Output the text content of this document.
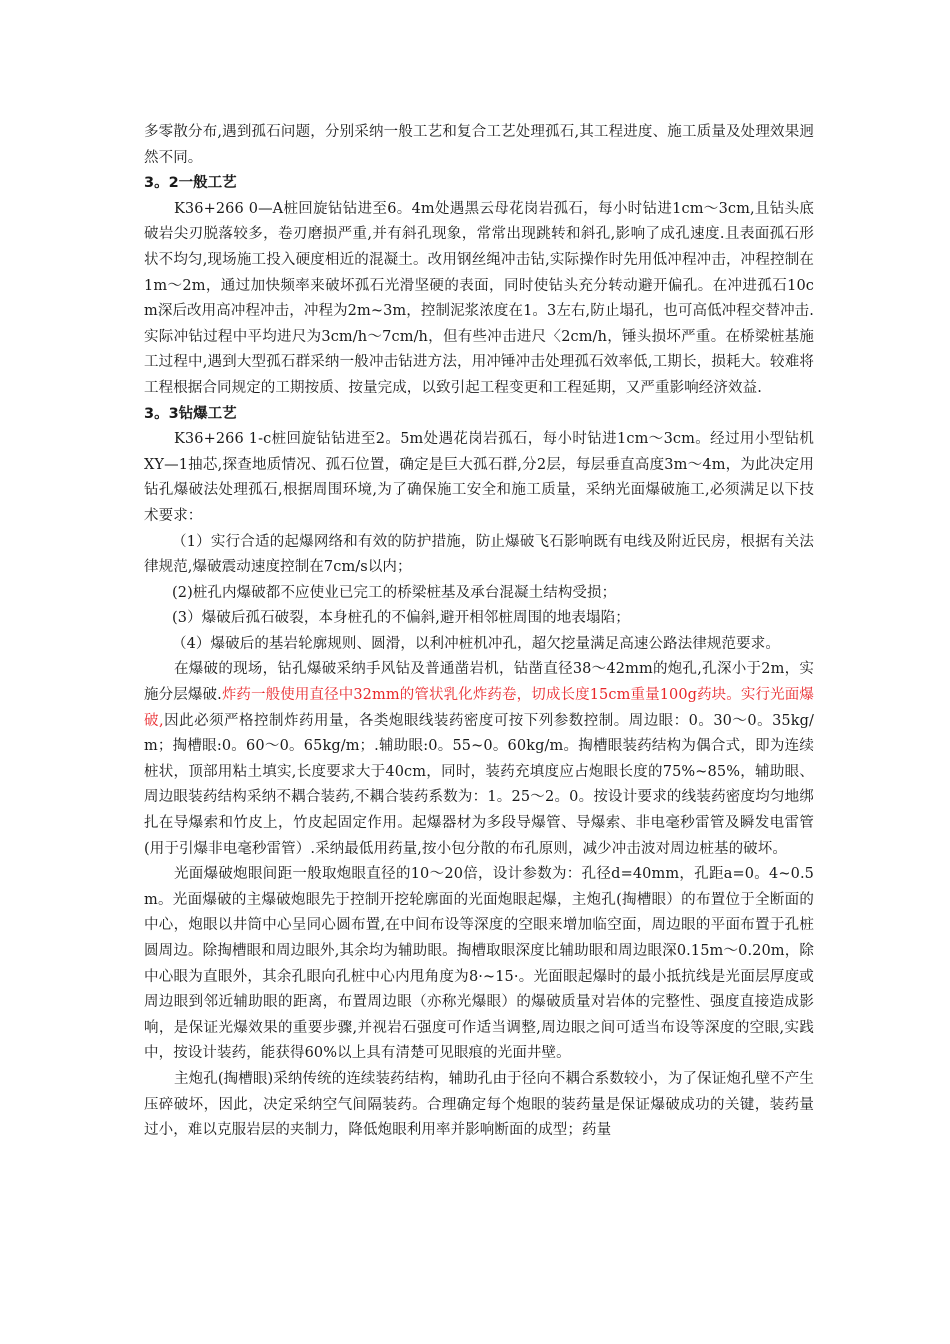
多零散分布,遇到孤石问题，分别采纳一般工艺和复合工艺处理孤石,其工程进度、施工质量及处理效果迥然不同。

3。2一般工艺

K36+266 0—A桩回旋钻钻进至6。4m处遇黑云母花岗岩孤石，每小时钻进1cm～3cm,且钻头底破岩尖刃脱落较多，卷刃磨损严重,并有斜孔现象，常常出现跳转和斜孔,影响了成孔速度.且表面孤石形状不均匀,现场施工投入硬度相近的混凝土。改用钢丝绳冲击钻,实际操作时先用低冲程冲击，冲程控制在1m～2m，通过加快频率来破坏孤石光滑坚硬的表面，同时使钻头充分转动避开偏孔。在冲进孤石10cm深后改用高冲程冲击，冲程为2m~3m，控制泥浆浓度在1。3左右,防止塌孔，也可高低冲程交替冲击.实际冲钻过程中平均进尺为3cm/h～7cm/h，但有些冲击进尺〈2cm/h，锤头损坏严重。在桥梁桩基施工过程中,遇到大型孤石群采纳一般冲击钻进方法，用冲锤冲击处理孤石效率低,工期长，损耗大。较难将工程根据合同规定的工期按质、按量完成，以致引起工程变更和工程延期，又严重影响经济效益.

3。3钻爆工艺

K36+266 1-c桩回旋钻钻进至2。5m处遇花岗岩孤石，每小时钻进1cm～3cm。经过用小型钻机XY—1抽芯,探查地质情况、孤石位置，确定是巨大孤石群,分2层，每层垂直高度3m～4m，为此决定用钻孔爆破法处理孤石,根据周围环境,为了确保施工安全和施工质量，采纳光面爆破施工,必须满足以下技术要求：

（1）实行合适的起爆网络和有效的防护措施，防止爆破飞石影响既有电线及附近民房，根据有关法律规范,爆破震动速度控制在7cm/s以内；

(2)桩孔内爆破都不应使业已完工的桥梁桩基及承台混凝土结构受损；

(3）爆破后孤石破裂，本身桩孔的不偏斜,避开相邻桩周围的地表塌陷；

（4）爆破后的基岩轮廓规则、圆滑，以利冲桩机冲孔，超欠挖量满足高速公路法律规范要求。

在爆破的现场，钻孔爆破采纳手风钻及普通凿岩机，钻凿直径38～42mm的炮孔,孔深小于2m，实施分层爆破.炸药一般使用直径中32mm的管状乳化炸药卷，切成长度15cm重量100g药块。实行光面爆破,因此必须严格控制炸药用量，各类炮眼线装药密度可按下列参数控制。周边眼：0。30～0。35kg/m；掏槽眼:0。60～0。65kg/m；.辅助眼:0。55~0。60kg/m。掏槽眼装药结构为偶合式，即为连续桩状，顶部用粘土填实,长度要求大于40cm，同时，装药充填度应占炮眼长度的75%~85%，辅助眼、周边眼装药结构采纳不耦合装药,不耦合装药系数为：1。25～2。0。按设计要求的线装药密度均匀地绑扎在导爆索和竹皮上，竹皮起固定作用。起爆器材为多段导爆管、导爆索、非电毫秒雷管及瞬发电雷管(用于引爆非电毫秒雷管）.采纳最低用药量,按小包分散的布孔原则，减少冲击波对周边桩基的破坏。

光面爆破炮眼间距一般取炮眼直径的10～20倍，设计参数为：孔径d=40mm，孔距a=0。4~0.5m。光面爆破的主爆破炮眼先于控制开挖轮廓面的光面炮眼起爆，主炮孔(掏槽眼）的布置位于全断面的中心，炮眼以井筒中心呈同心圆布置,在中间布设等深度的空眼来增加临空面，周边眼的平面布置于孔桩圆周边。除掏槽眼和周边眼外,其余均为辅助眼。掏槽取眼深度比辅助眼和周边眼深0.15m～0.20m，除中心眼为直眼外，其余孔眼向孔桩中心内甩角度为8·~15·。光面眼起爆时的最小抵抗线是光面层厚度或周边眼到邻近辅助眼的距离，布置周边眼（亦称光爆眼）的爆破质量对岩体的完整性、强度直接造成影响，是保证光爆效果的重要步骤,并视岩石强度可作适当调整,周边眼之间可适当布设等深度的空眼,实践中，按设计装药，能获得60%以上具有清楚可见眼痕的光面井壁。

主炮孔(掏槽眼)采纳传统的连续装药结构，辅助孔由于径向不耦合系数较小，为了保证炮孔壁不产生压碎破坏，因此，决定采纳空气间隔装药。合理确定每个炮眼的装药量是保证爆破成功的关键，装药量过小，难以克服岩层的夹制力，降低炮眼利用率并影响断面的成型；药量
